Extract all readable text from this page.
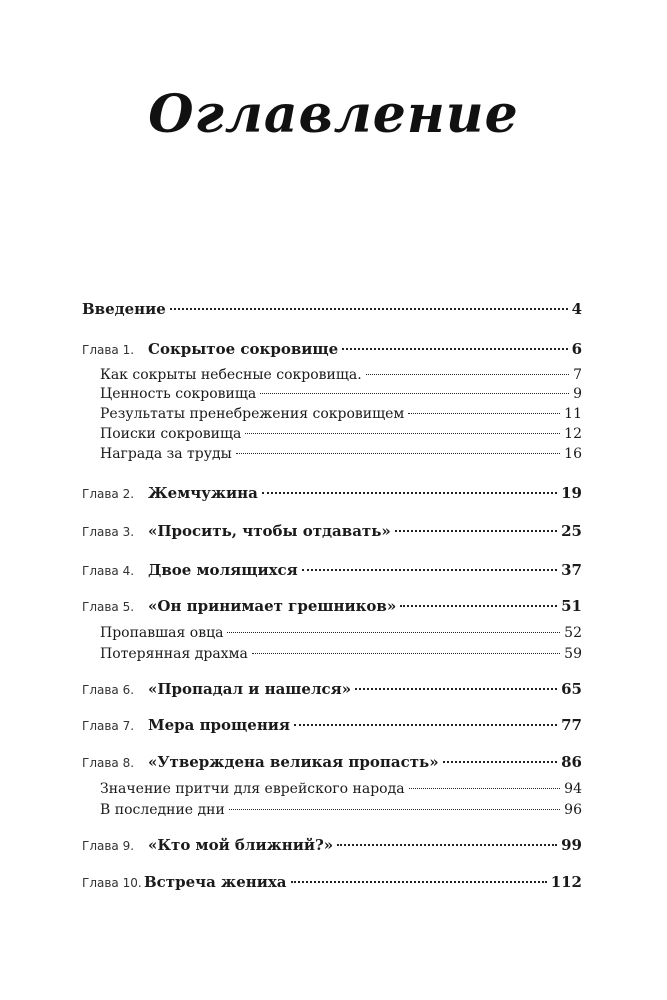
Оглавление
Введение	4
Глава 1. Сокрытое сокровище	6
Как сокрыты небесные сокровища.	7
Ценность сокровища	9
Результаты пренебрежения сокровищем	11
Поиски сокровища	12
Награда за труды	16
Глава 2. Жемчужина	19
Глава 3. «Просить, чтобы отдавать»	25
Глава 4. Двое молящихся	37
Глава 5. «Он принимает грешников»	51
Пропавшая овца	52
Потерянная драхма	59
Глава 6. «Пропадал и нашелся»	65
Глава 7. Мера прощения	77
Глава 8. «Утверждена великая пропасть»	86
Значение притчи для еврейского народа	94
В последние дни	96
Глава 9. «Кто мой ближний?»	99
Глава 10. Встреча жениха	112
